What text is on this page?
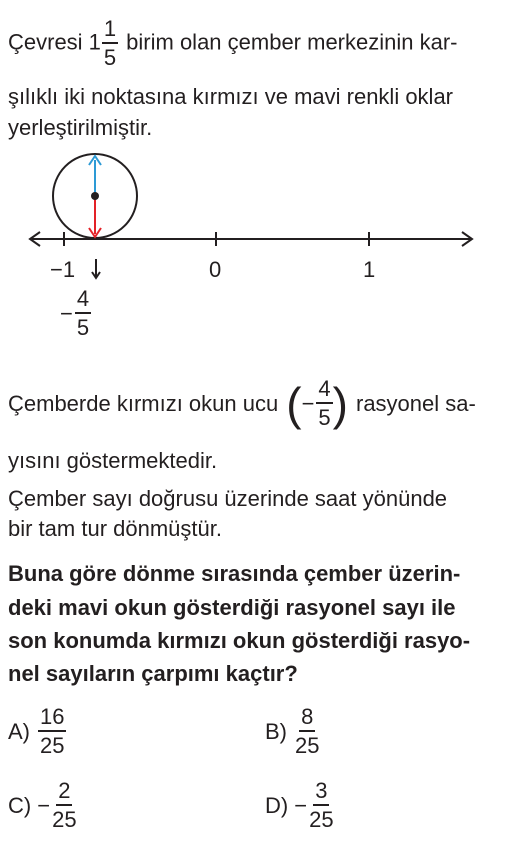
Çevresi $1 \frac{1}{5}$ birim olan çember merkezinin kar-
şılıklı iki noktasına kırmızı ve mavi renkli oklar
yerleştirilmiştir.
−1	0	1
− $\frac{4}{5}$
Çemberde kırmızı okun ucu ( − $\frac{4}{5}$ ) rasyonel sa-
yısını göstermektedir.
Çember sayı doğrusu üzerinde saat yönünde
bir tam tur dönmüştür.
Buna göre dönme sırasında çember üzerin-
deki mavi okun gösterdiği rasyonel sayı ile
son konumda kırmızı okun gösterdiği rasyo-
nel sayıların çarpımı kaçtır?
$A) \frac{16}{25}$	$B) \frac{8}{25}$
$C) - \frac{2}{25}$	$D) - \frac{3}{25}$
